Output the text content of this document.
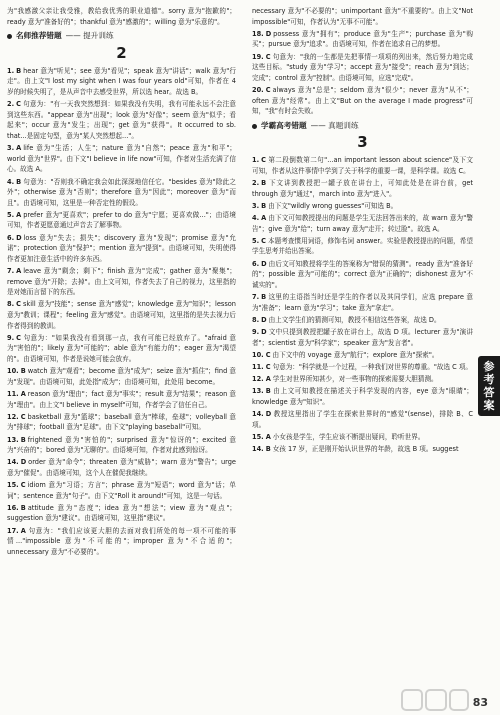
为"我感激父亲让我受雅，教给我优秀的职业道德"。sorry 意为"抱歉的"；ready 意为"准备好的"；thankful 意为"感激的"；willing 意为"乐意的"。

名师推荐错题 —— 提升训练
2

1. B hear 意为"听见"；see 意为"看见"；speak 意为"讲话"；walk 意为"行走"。由上文"I lost my sight when I was four years old"可知，作者在 4 岁的时候失明了，是从声音中去感受世界，所以选 hear。故选 B。

2. C 句意为："有一天我突然想到：如果我没有失明，我有可能永远不会注意到这些东西。"appear 意为"出现"；look 意为"好像"；seem 意为"似乎；看起来"；occur 意为"发生；出现"；get 意为"获得"。It occurred to sb. that...是固定句型，意为"某人突然想起..."。

3. A life 意为"生活；人生"；nature 意为"自然"；peace 意为"和平"；world 意为"世界"。由下文"I believe in life now"可知，作者对生活充满了信心。故选 A。

4. B 句意为："否则我不确定我会如此深深地信任它。"besides 意为"除此之外"；otherwise 意为"否则"；therefore 意为"因此"；moreover 意为"而且"。由语境可知，这里是一种否定性的假设。

5. A prefer 意为"更喜欢"；prefer to do 意为"宁愿；更喜欢做..."；由语境可知，作者更愿意通过声音去了解事物。

6. D loss 意为"失去；损失"；discovery 意为"发现"；promise 意为"允诺"；protection 意为"保护"；mention 意为"提到"。由语境可知，失明使得作者更加注意生活中的许多东西。

7. A leave 意为"剩余；剩下"；finish 意为"完成"；gather 意为"聚集"；remove 意为"开除；去掉"。由上文可知，作者失去了自己的视力，这里指的是对她而言留下的东西。

8. C skill 意为"技能"；sense 意为"感觉"；knowledge 意为"知识"；lesson 意为"教训；课程"；feeling 意为"感觉"。由语境可知，这里指的是失去视力后作者得到的教训。

9. C 句意为："如果我没有看到那一点，我有可能已经放弃了。"afraid 意为"害怕的"；likely 意为"可能的"；able 意为"有能力的"；eager 意为"渴望的"。由语境可知，作者是说她可能会放弃。

10. B watch 意为"观看"；become 意为"成为"；seize 意为"抓住"；find 意为"发现"。由语境可知，此处指"成为"；由语境可知，此处用 become。

11. A reason 意为"理由"；fact 意为"事实"；result 意为"结果"；reason 意为"理由"。由上文"I believe in myself"可知，作者学会了信任自己。

12. C basketball 意为"篮球"；baseball 意为"棒球，垒球"；volleyball 意为"排球"；football 意为"足球"。由下文"playing baseball"可知。

13. B frightened 意为"害怕的"；surprised 意为"惊讶的"；excited 意为"兴奋的"；bored 意为"无聊的"。由语境可知，作者对此感到惊讶。

14. D order 意为"命令"；threaten 意为"威胁"；warn 意为"警告"；urge 意为"催促"。由语境可知，这个人在催促我继续。

15. C idiom 意为"习语；方言"；phrase 意为"短语"；word 意为"话；单词"；sentence 意为"句子"。由下文"Roll it around!"可知，这是一句话。

16. B attitude 意为"态度"；idea 意为"想法"；view 意为"观点"；suggestion 意为"建议"。由语境可知，这里指"建议"。

17. A 句意为："我们应该更大胆的去面对我们所处的每一项不可能的事情..."impossible 意为"不可能的"；improper 意为"不合适的"；unnecessary 意为"不必要的"。

necessary 意为"不必要的"；unimportant 意为"不重要的"。由上文"Not impossible"可知，作者认为"无事不可能"。

18. D possess 意为"拥有"；produce 意为"生产"；purchase 意为"购买"；pursue 意为"追求"。由语境可知，作者在追求自己的梦想。

19. C 句意为："我的一生都是先把事情一项项的列出来，然后努力地完成这些目标。"study 意为"学习"；accept 意为"接受"；reach 意为"到达；完成"；control 意为"控制"。由语境可知，应选"完成"。

20. C always 意为"总是"；seldom 意为"很少"；never 意为"从不"；often 意为"经常"。由上文"But on the average I made progress"可知，"我"有时会失败。

学霸高考错题 —— 真题训练
3

1. C 第二段倒数第二句"...an important lesson about science"及下文可知，作者从这件事情中学到了关于科学的重要一课，是科学课。故选 C。

2. B 下文讲到教授把一罐子放在讲台上，可知此处是在讲台前，get through 意为"通过"，march into 意为"进入"。

3. B 由下文"wildly wrong guesses"可知选 B。

4. A 由下文可知教授提出的问题是学生无法回答出来的，故 warn 意为"警告"；give 意为"给"；turn away 意为"走开；转过脸"。故选 A。

5. C 本题考查惯用词语，修饰名词 answer。实验是教授提出的问题，希望学生思考并给出答案。

6. D 由后文可知教授将学生的答案称为"错误的猜测"。ready 意为"准备好的"；possible 意为"可能的"；correct 意为"正确的"；dishonest 意为"不诚实的"。

7. B 这里的主语指当时还是学生的作者以及其同学们，应选 prepare 意为"准备"；learn 意为"学习"；take 意为"拿走"。

8. D 由上文学生们的猜测可知，教授不相信这些答案，故选 D。

9. D 文中只提到教授把罐子放在讲台上，故选 D 项。lecturer 意为"演讲者"；scientist 意为"科学家"；speaker 意为"发言者"。

10. C 由下文中的 voyage 意为"航行"；explore 意为"探索"。

11. C 句意为："科学就是一个过程，一种我们对世界的尊重。"故选 C 项。

12. A 学生对世界所知甚少，对一些事物的探索需要大胆猜测。

13. B 由上文可知教授在描述关于科学发现的内容，eye 意为"眼睛"；knowledge 意为"知识"。

14. D 教授这里指出了学生在探索世界时的"感觉"(sense)，排除 B、C 项。

15. A 小女孩是学生，学生应该不断提出疑问，聆听世界。

14. B 女孩 17 岁，正是刚开始认识世界的年龄，故选 B 项。suggest

参
考
答
案
83
